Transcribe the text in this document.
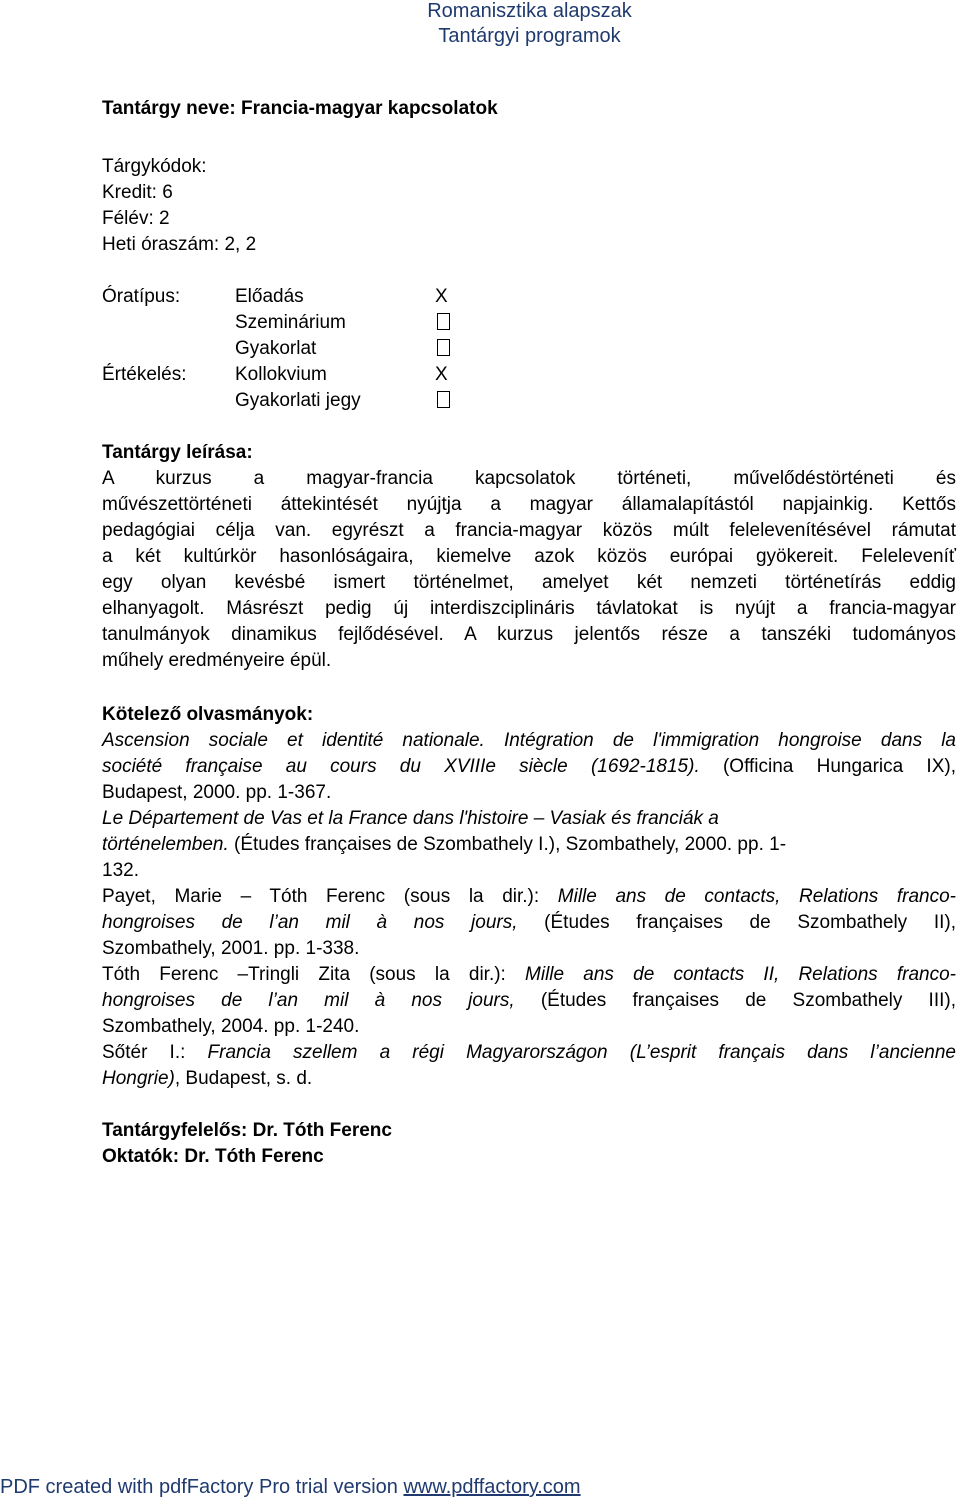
Romanisztika alapszak
Tantárgyi programok
Tantárgy neve: Francia-magyar kapcsolatok
Tárgykódok:
Kredit: 6
Félév: 2
Heti óraszám: 2, 2
Óratípus:	Előadás	X
Szeminárium
Gyakorlat
Értékelés:	Kollokvium	X
Gyakorlati jegy
Tantárgy leírása:
A kurzus a magyar-francia kapcsolatok történeti, művelődéstörténeti és
művészettörténeti áttekintését nyújtja a magyar államalapítástól napjainkig. Kettős
pedagógiai célja van. egyrészt a francia-magyar közös múlt felelevenítésével rámutat
a két kultúrkör hasonlóságaira, kiemelve azok közös európai gyökereit. Feleleveníť
egy olyan kevésbé ismert történelmet, amelyet két nemzeti történetírás eddig
elhanyagolt. Másrészt pedig új interdiszciplináris távlatokat is nyújt a francia-magyar
tanulmányok dinamikus fejlődésével. A kurzus jelentős része a tanszéki tudományos
műhely eredményeire épül.
Kötelező olvasmányok:
Ascension sociale et identité nationale. Intégration de l'immigration hongroise dans la
société française au cours du XVIIIe siècle (1692-1815). (Officina Hungarica IX),
Budapest, 2000. pp. 1-367.
Le Département de Vas et la France dans l'histoire – Vasiak és franciák a
történelemben. (Études françaises de Szombathely I.), Szombathely, 2000. pp. 1-
132.
Payet, Marie – Tóth Ferenc (sous la dir.): Mille ans de contacts, Relations franco-
hongroises de l’an mil à nos jours, (Études françaises de Szombathely II),
Szombathely, 2001. pp. 1-338.
Tóth Ferenc –Tringli Zita (sous la dir.): Mille ans de contacts II, Relations franco-
hongroises de l’an mil à nos jours, (Études françaises de Szombathely III),
Szombathely, 2004. pp. 1-240.
Sőtér I.: Francia szellem a régi Magyarországon (L’esprit français dans l’ancienne
Hongrie), Budapest, s. d.
Tantárgyfelelős: Dr. Tóth Ferenc
Oktatók: Dr. Tóth Ferenc
PDF created with pdfFactory Pro trial version www.pdffactory.com
